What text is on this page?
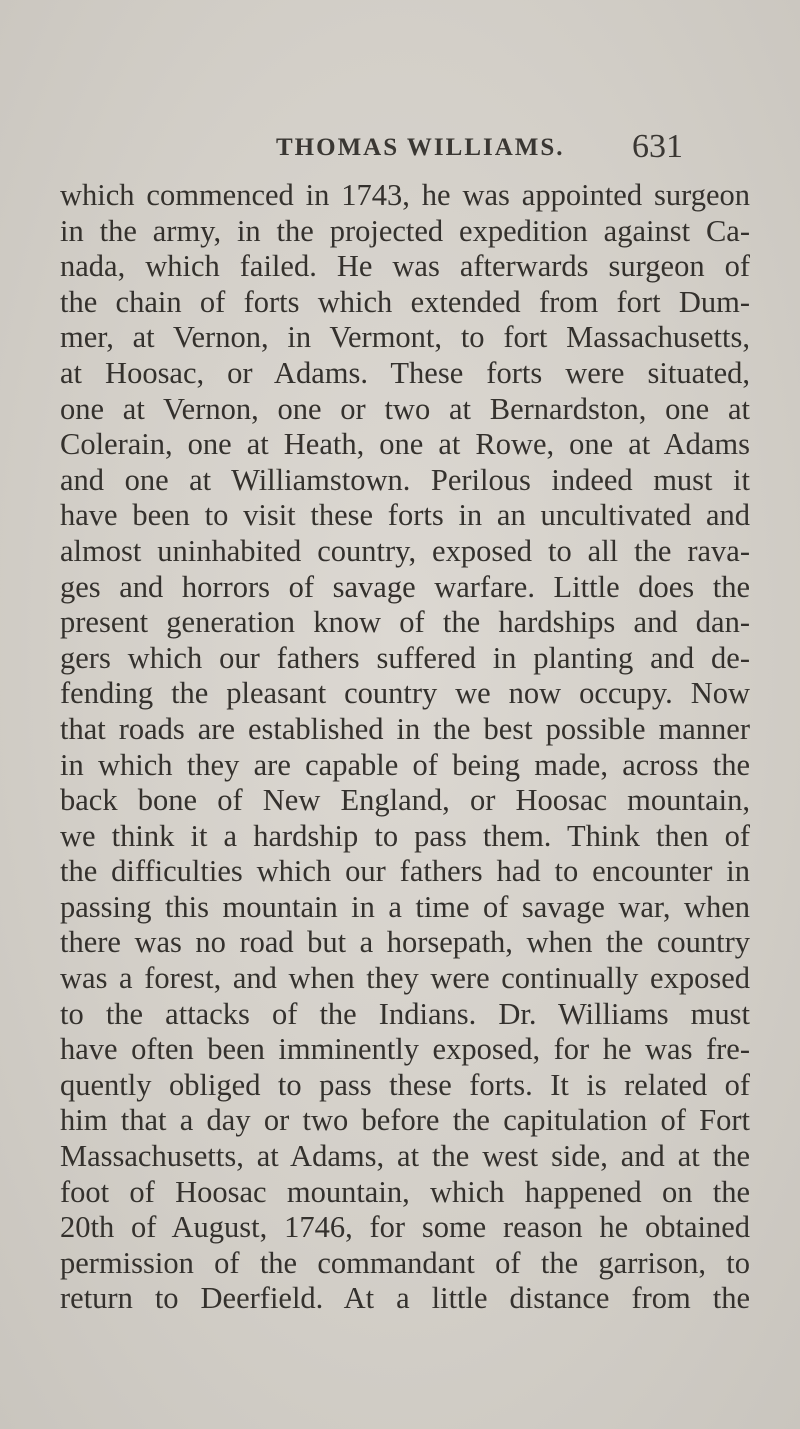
THOMAS WILLIAMS. 631
which commenced in 1743, he was appointed surgeon
in the army, in the projected expedition against Ca-
nada, which failed. He was afterwards surgeon of
the chain of forts which extended from fort Dum-
mer, at Vernon, in Vermont, to fort Massachusetts,
at Hoosac, or Adams. These forts were situated,
one at Vernon, one or two at Bernardston, one at
Colerain, one at Heath, one at Rowe, one at Adams
and one at Williamstown. Perilous indeed must it
have been to visit these forts in an uncultivated and
almost uninhabited country, exposed to all the rava-
ges and horrors of savage warfare. Little does the
present generation know of the hardships and dan-
gers which our fathers suffered in planting and de-
fending the pleasant country we now occupy. Now
that roads are established in the best possible manner
in which they are capable of being made, across the
back bone of New England, or Hoosac mountain,
we think it a hardship to pass them. Think then of
the difficulties which our fathers had to encounter in
passing this mountain in a time of savage war, when
there was no road but a horsepath, when the country
was a forest, and when they were continually exposed
to the attacks of the Indians. Dr. Williams must
have often been imminently exposed, for he was fre-
quently obliged to pass these forts. It is related of
him that a day or two before the capitulation of Fort
Massachusetts, at Adams, at the west side, and at the
foot of Hoosac mountain, which happened on the
20th of August, 1746, for some reason he obtained
permission of the commandant of the garrison, to
return to Deerfield. At a little distance from the
